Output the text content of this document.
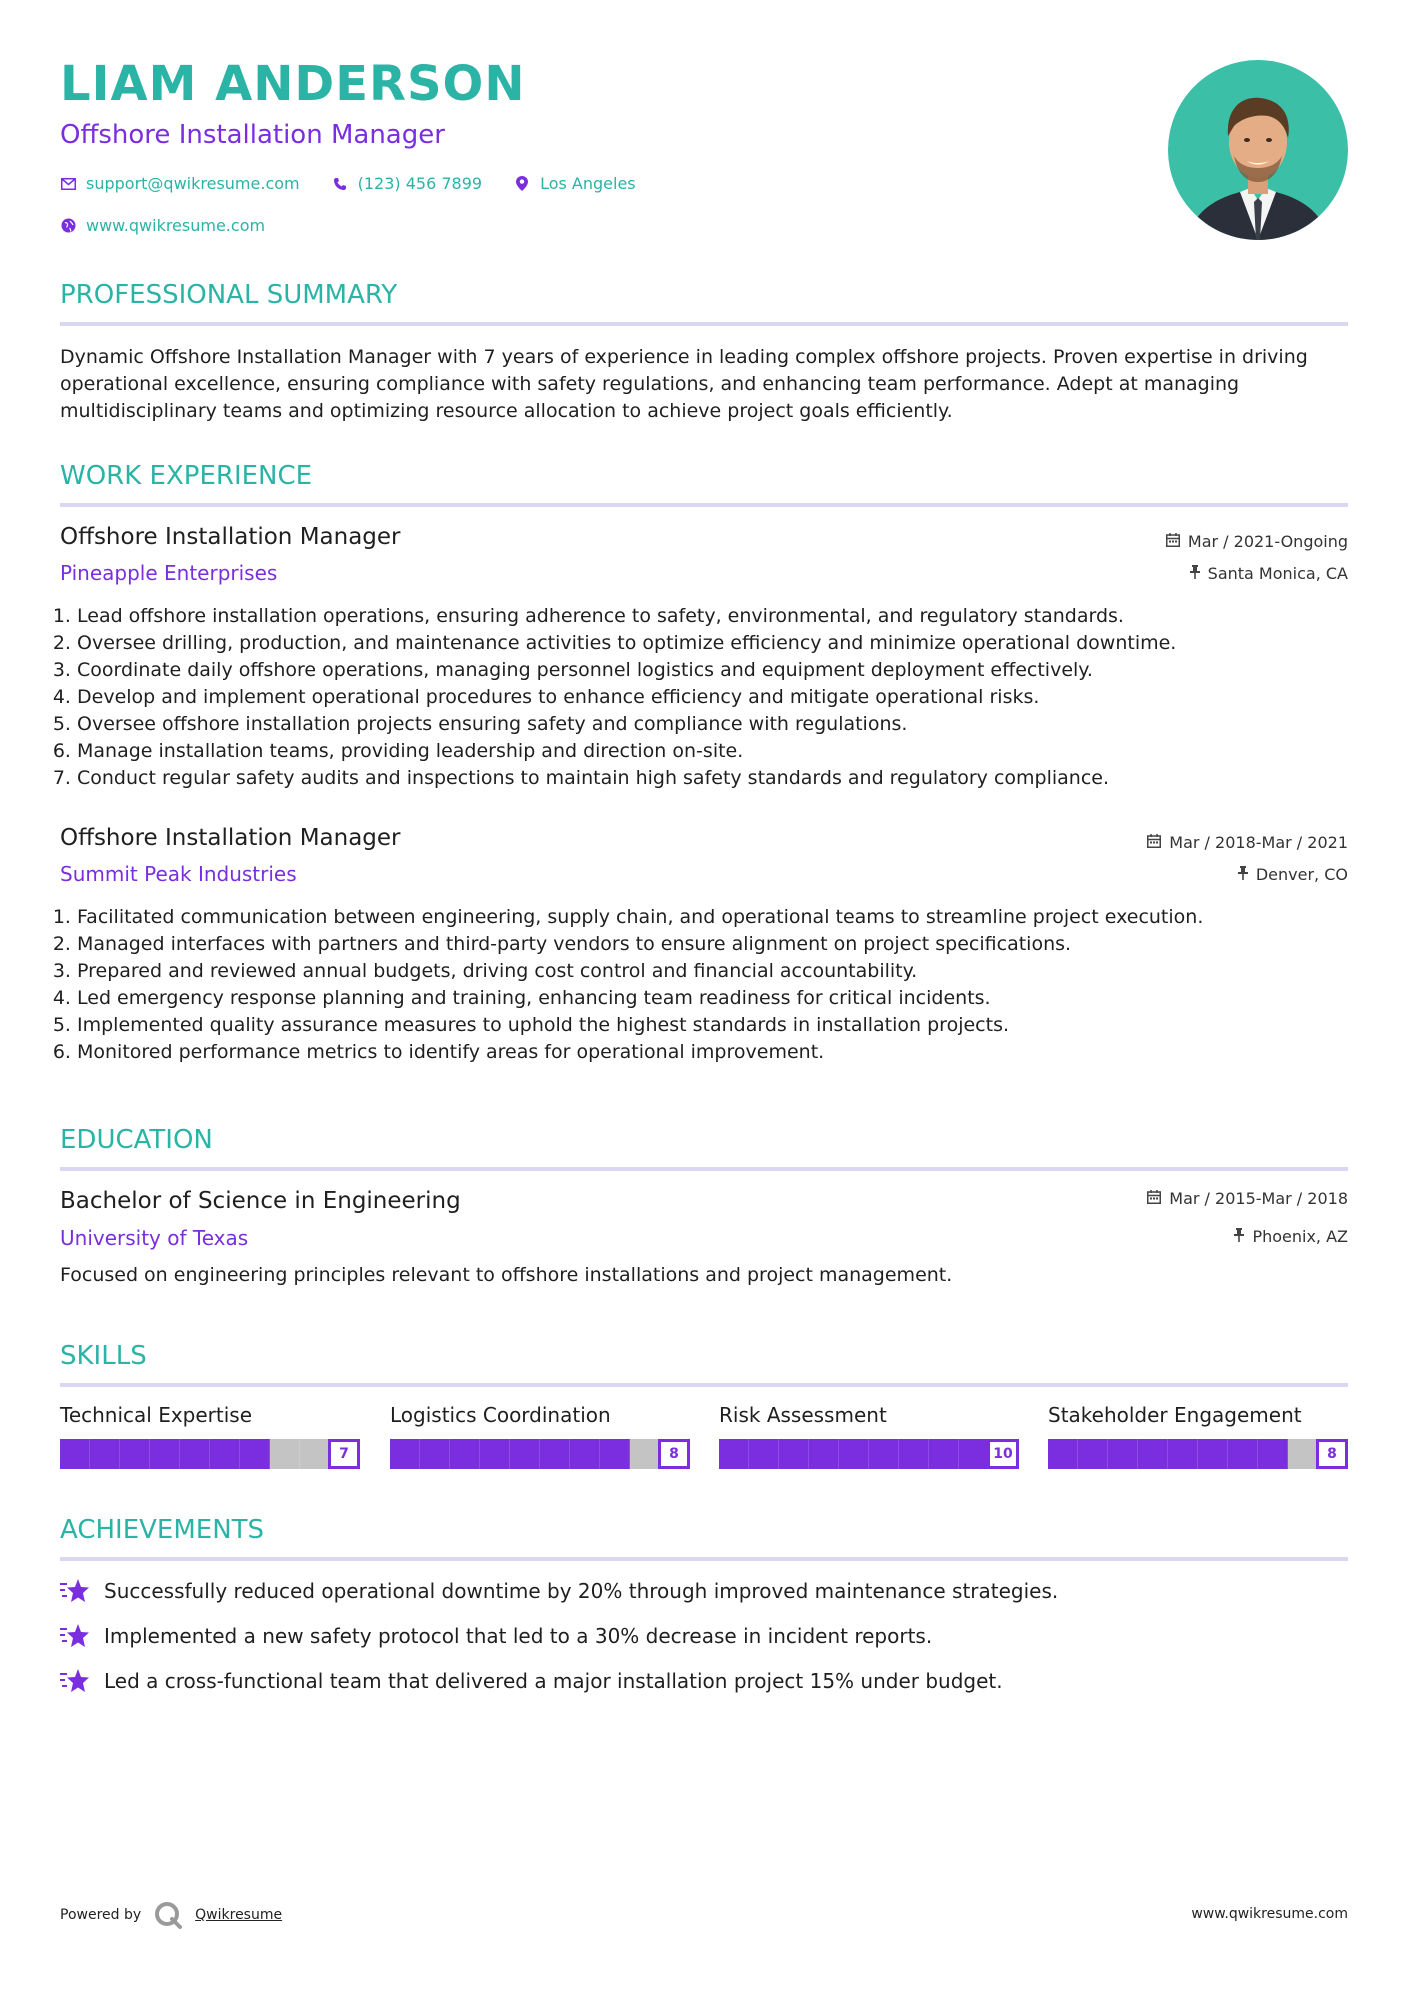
LIAM ANDERSON
Offshore Installation Manager
support@qwikresume.com	(123) 456 7899	Los Angeles
www.qwikresume.com
PROFESSIONAL SUMMARY
Dynamic Offshore Installation Manager with 7 years of experience in leading complex offshore projects. Proven expertise in driving operational excellence, ensuring compliance with safety regulations, and enhancing team performance. Adept at managing multidisciplinary teams and optimizing resource allocation to achieve project goals efficiently.
WORK EXPERIENCE
Offshore Installation Manager	Mar / 2021-Ongoing
Pineapple Enterprises	Santa Monica, CA
1. Lead offshore installation operations, ensuring adherence to safety, environmental, and regulatory standards.
2. Oversee drilling, production, and maintenance activities to optimize efficiency and minimize operational downtime.
3. Coordinate daily offshore operations, managing personnel logistics and equipment deployment effectively.
4. Develop and implement operational procedures to enhance efficiency and mitigate operational risks.
5. Oversee offshore installation projects ensuring safety and compliance with regulations.
6. Manage installation teams, providing leadership and direction on-site.
7. Conduct regular safety audits and inspections to maintain high safety standards and regulatory compliance.
Offshore Installation Manager	Mar / 2018-Mar / 2021
Summit Peak Industries	Denver, CO
1. Facilitated communication between engineering, supply chain, and operational teams to streamline project execution.
2. Managed interfaces with partners and third-party vendors to ensure alignment on project specifications.
3. Prepared and reviewed annual budgets, driving cost control and financial accountability.
4. Led emergency response planning and training, enhancing team readiness for critical incidents.
5. Implemented quality assurance measures to uphold the highest standards in installation projects.
6. Monitored performance metrics to identify areas for operational improvement.
EDUCATION
Bachelor of Science in Engineering	Mar / 2015-Mar / 2018
University of Texas	Phoenix, AZ
Focused on engineering principles relevant to offshore installations and project management.
SKILLS
Technical Expertise
7
Logistics Coordination
8
Risk Assessment
10
Stakeholder Engagement
8
ACHIEVEMENTS
Successfully reduced operational downtime by 20% through improved maintenance strategies.
Implemented a new safety protocol that led to a 30% decrease in incident reports.
Led a cross-functional team that delivered a major installation project 15% under budget.
Powered by	Qwikresume	www.qwikresume.com
